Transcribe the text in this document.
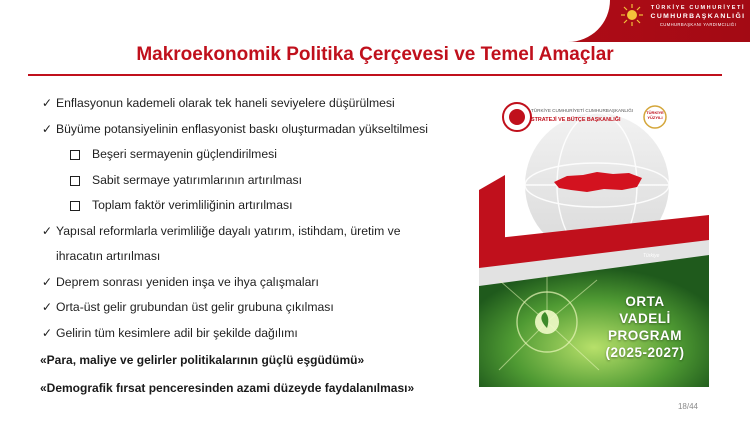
TÜRKİYE CUMHURİYETİ
CUMHURBAŞKANLIĞI
CUMHURBAŞKANI YARDIMCILIĞI
Makroekonomik Politika Çerçevesi ve Temel Amaçlar
✓ Enflasyonun kademeli olarak tek haneli seviyelere düşürülmesi
✓ Büyüme potansiyelinin enflasyonist baskı oluşturmadan yükseltilmesi
Beşeri sermayenin güçlendirilmesi
Sabit sermaye yatırımlarının artırılması
Toplam faktör verimliliğinin artırılması
✓ Yapısal reformlarla verimliliğe dayalı yatırım, istihdam, üretim ve
ihracatın artırılması
✓ Deprem sonrası yeniden inşa ve ihya çalışmaları
✓ Orta-üst gelir grubundan üst gelir grubuna çıkılması
✓ Gelirin tüm kesimlere adil bir şekilde dağılımı
«Para, maliye ve gelirler politikalarının güçlü eşgüdümü»
«Demografik fırsat penceresinden azami düzeyde faydalanılması»
TÜRKİYE CUMHURİYETİ CUMHURBAŞKANLIĞI
STRATEJİ VE BÜTÇE BAŞKANLIĞI
TÜRKİYE
YÜZYILI
Türkiye
ORTA
VADELİ
PROGRAM
(2025-2027)
18/44
